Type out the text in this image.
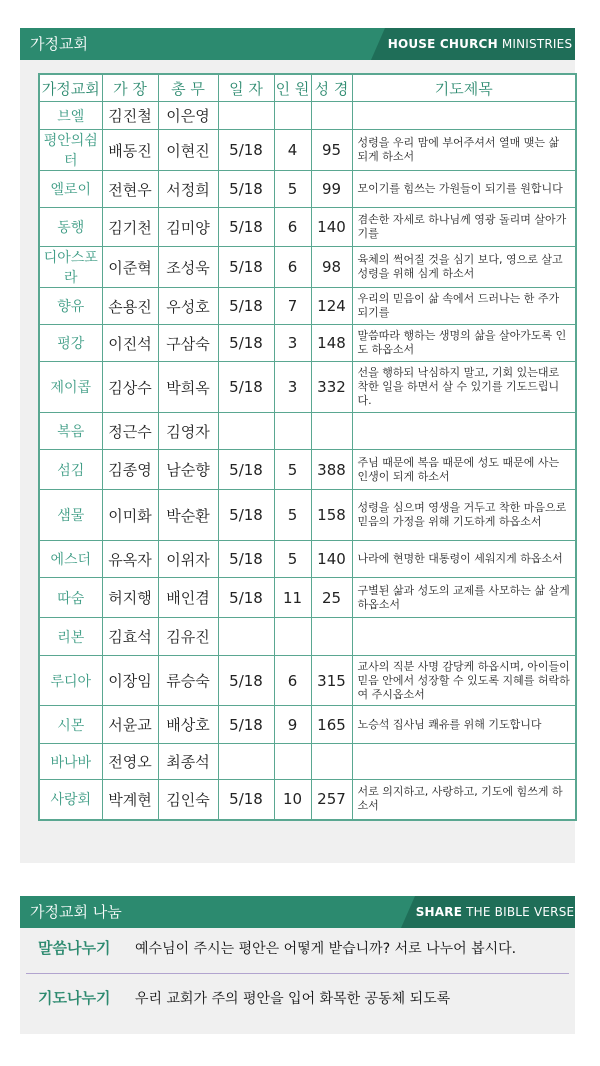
가정교회	HOUSE CHURCH MINISTRIES
가정교회	가 장	총 무	일 자	인 원	성 경	기도제목
브엘	김진철	이은영				
평안의쉼터	배동진	이현진	5/18	4	95	성령을 우리 맘에 부어주셔서 열매 맺는 삶 되게 하소서
엘로이	전현우	서정희	5/18	5	99	모이기를 힘쓰는 가원들이 되기를 원합니다
동행	김기천	김미양	5/18	6	140	겸손한 자세로 하나님께 영광 돌리며 살아가기를
디아스포라	이준혁	조성욱	5/18	6	98	육체의 썩어질 것을 심기 보다, 영으로 살고 성령을 위해 심게 하소서
향유	손용진	우성호	5/18	7	124	우리의 믿음이 삶 속에서 드러나는 한 주가 되기를
평강	이진석	구삼숙	5/18	3	148	말씀따라 행하는 생명의 삶을 살아가도록 인도 하옵소서
제이콥	김상수	박희옥	5/18	3	332	선을 행하되 낙심하지 말고, 기회 있는대로 착한 일을 하면서 살 수 있기를 기도드립니다.
복음	정근수	김영자				
섬김	김종영	남순향	5/18	5	388	주님 때문에 복음 때문에 성도 때문에 사는 인생이 되게 하소서
샘물	이미화	박순환	5/18	5	158	성령을 심으며 영생을 거두고 착한 마음으로 믿음의 가정을 위해 기도하게 하옵소서
에스더	유옥자	이위자	5/18	5	140	나라에 현명한 대통령이 세워지게 하옵소서
따숨	허지행	배인겸	5/18	11	25	구별된 삶과 성도의 교제를 사모하는 삶 살게 하옵소서
리본	김효석	김유진				
루디아	이장임	류승숙	5/18	6	315	교사의 직분 사명 감당케 하옵시며, 아이들이 믿음 안에서 성장할 수 있도록 지혜를 허락하여 주시옵소서
시몬	서윤교	배상호	5/18	9	165	노승석 집사님 쾌유를 위해 기도합니다
바나바	전영오	최종석				
사랑회	박계현	김인숙	5/18	10	257	서로 의지하고, 사랑하고, 기도에 힘쓰게 하소서
가정교회 나눔	SHARE THE BIBLE VERSE
말씀나누기 예수님이 주시는 평안은 어떻게 받습니까? 서로 나누어 봅시다.
기도나누기 우리 교회가 주의 평안을 입어 화목한 공동체 되도록
